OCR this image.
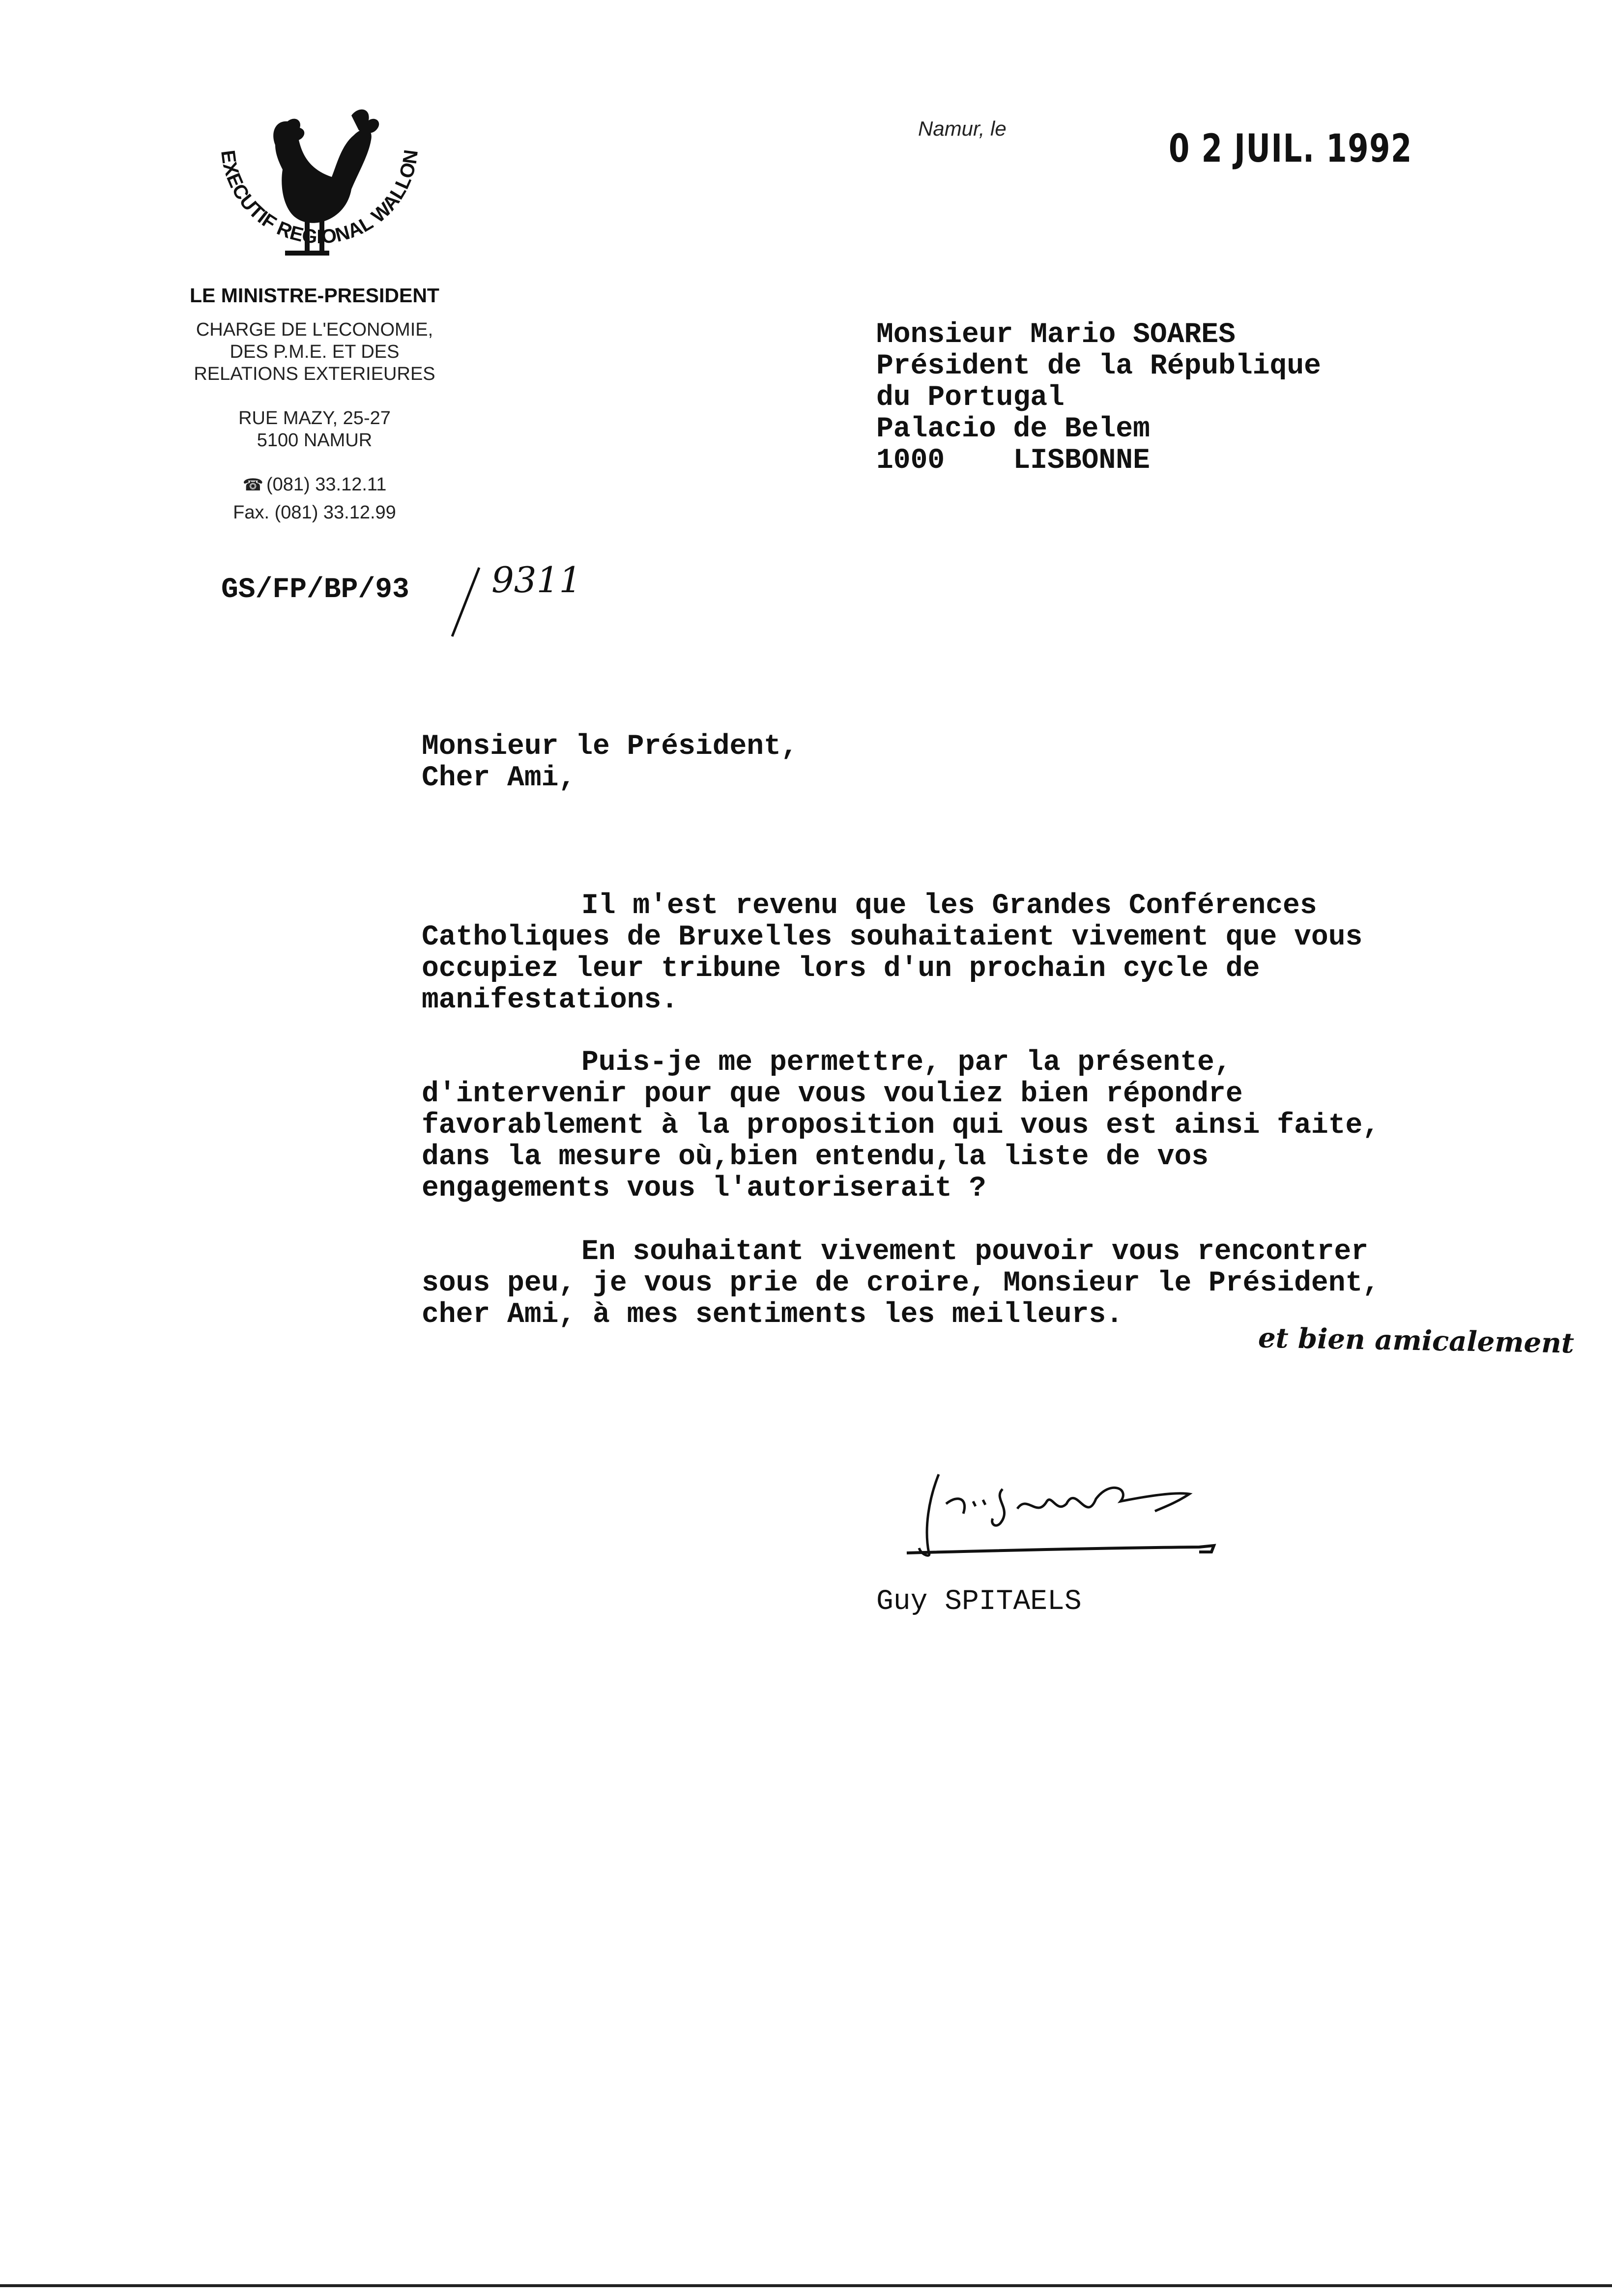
EXECUTIF REGIONAL WALLON
LE MINISTRE-PRESIDENT
CHARGE DE L'ECONOMIE,
DES P.M.E. ET DES
RELATIONS EXTERIEURES
RUE MAZY, 25-27
5100 NAMUR
☎ (081) 33.12.11
Fax. (081) 33.12.99
Namur, le	0 2 JUIL. 1992
Monsieur Mario SOARES
Président de la République
du Portugal
Palacio de Belem
1000    LISBONNE
GS/FP/BP/93 9311
Monsieur le Président,
Cher Ami,
Il m'est revenu que les Grandes Conférences
Catholiques de Bruxelles souhaitaient vivement que vous
occupiez leur tribune lors d'un prochain cycle de
manifestations.
Puis-je me permettre, par la présente,
d'intervenir pour que vous vouliez bien répondre
favorablement à la proposition qui vous est ainsi faite,
dans la mesure où,bien entendu,la liste de vos
engagements vous l'autoriserait ?
En souhaitant vivement pouvoir vous rencontrer
sous peu, je vous prie de croire, Monsieur le Président,
cher Ami, à mes sentiments les meilleurs.
et bien amicalement
Guy SPITAELS
